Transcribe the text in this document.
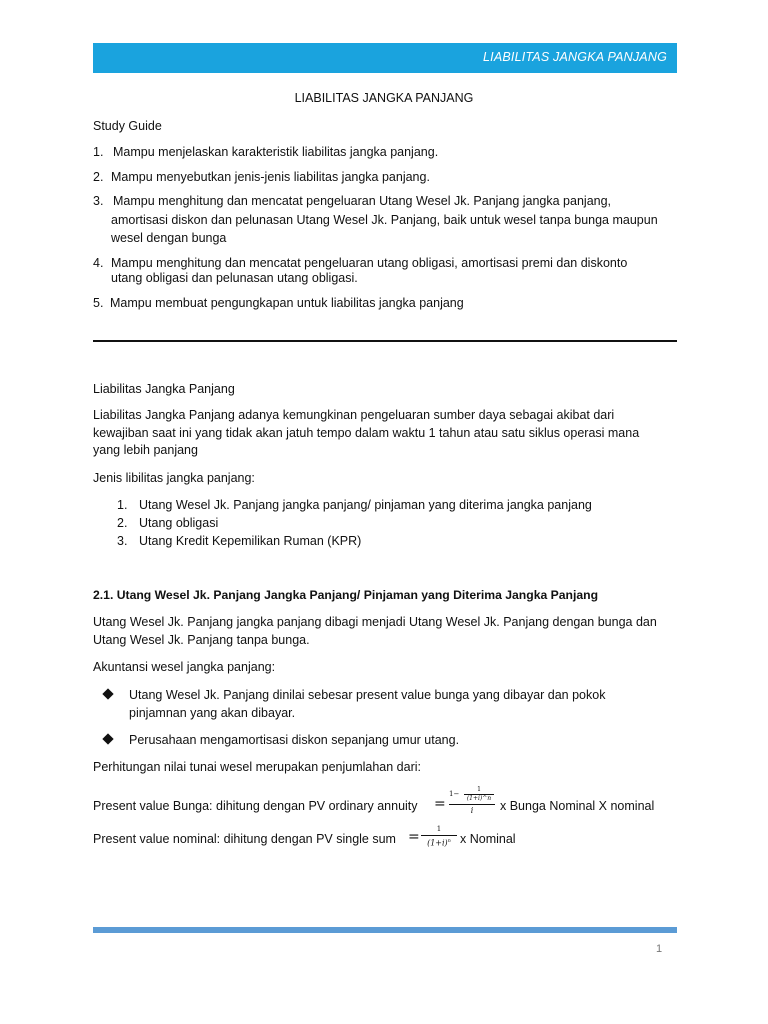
LIABILITAS JANGKA PANJANG
LIABILITAS JANGKA PANJANG
Study Guide
1. Mampu menjelaskan karakteristik liabilitas jangka panjang.
2. Mampu menyebutkan jenis-jenis liabilitas jangka panjang.
3. Mampu menghitung dan mencatat pengeluaran Utang Wesel Jk. Panjang jangka panjang,
amortisasi diskon dan pelunasan Utang Wesel Jk. Panjang, baik untuk wesel tanpa bunga maupun
wesel dengan bunga
4. Mampu menghitung dan mencatat pengeluaran utang obligasi, amortisasi premi dan diskonto
utang obligasi dan pelunasan utang obligasi.
5. Mampu membuat pengungkapan untuk liabilitas jangka panjang
Liabilitas Jangka Panjang
Liabilitas Jangka Panjang adanya kemungkinan pengeluaran sumber daya sebagai akibat dari
kewajiban saat ini yang tidak akan jatuh tempo dalam waktu 1 tahun atau satu siklus operasi mana
yang lebih panjang
Jenis libilitas jangka panjang:
1. Utang Wesel Jk. Panjang jangka panjang/ pinjaman yang diterima jangka panjang
2. Utang obligasi
3. Utang Kredit Kepemilikan Ruman (KPR)
2.1. Utang Wesel Jk. Panjang Jangka Panjang/ Pinjaman yang Diterima Jangka Panjang
Utang Wesel Jk. Panjang jangka panjang dibagi menjadi Utang Wesel Jk. Panjang dengan bunga dan
Utang Wesel Jk. Panjang tanpa bunga.
Akuntansi wesel jangka panjang:
Utang Wesel Jk. Panjang dinilai sebesar present value bunga yang dibayar dan pokok
pinjamnan yang akan dibayar.
Perusahaan mengamortisasi diskon sepanjang umur utang.
Perhitungan nilai tunai wesel merupakan penjumlahan dari:
Present value Bunga: dihitung dengan PV ordinary annuity =
1−
1
(1+i)^n
i	x Bunga Nominal X nominal
Present value nominal: dihitung dengan PV single sum =	1
$(1+i)^n$ x Nominal
1
